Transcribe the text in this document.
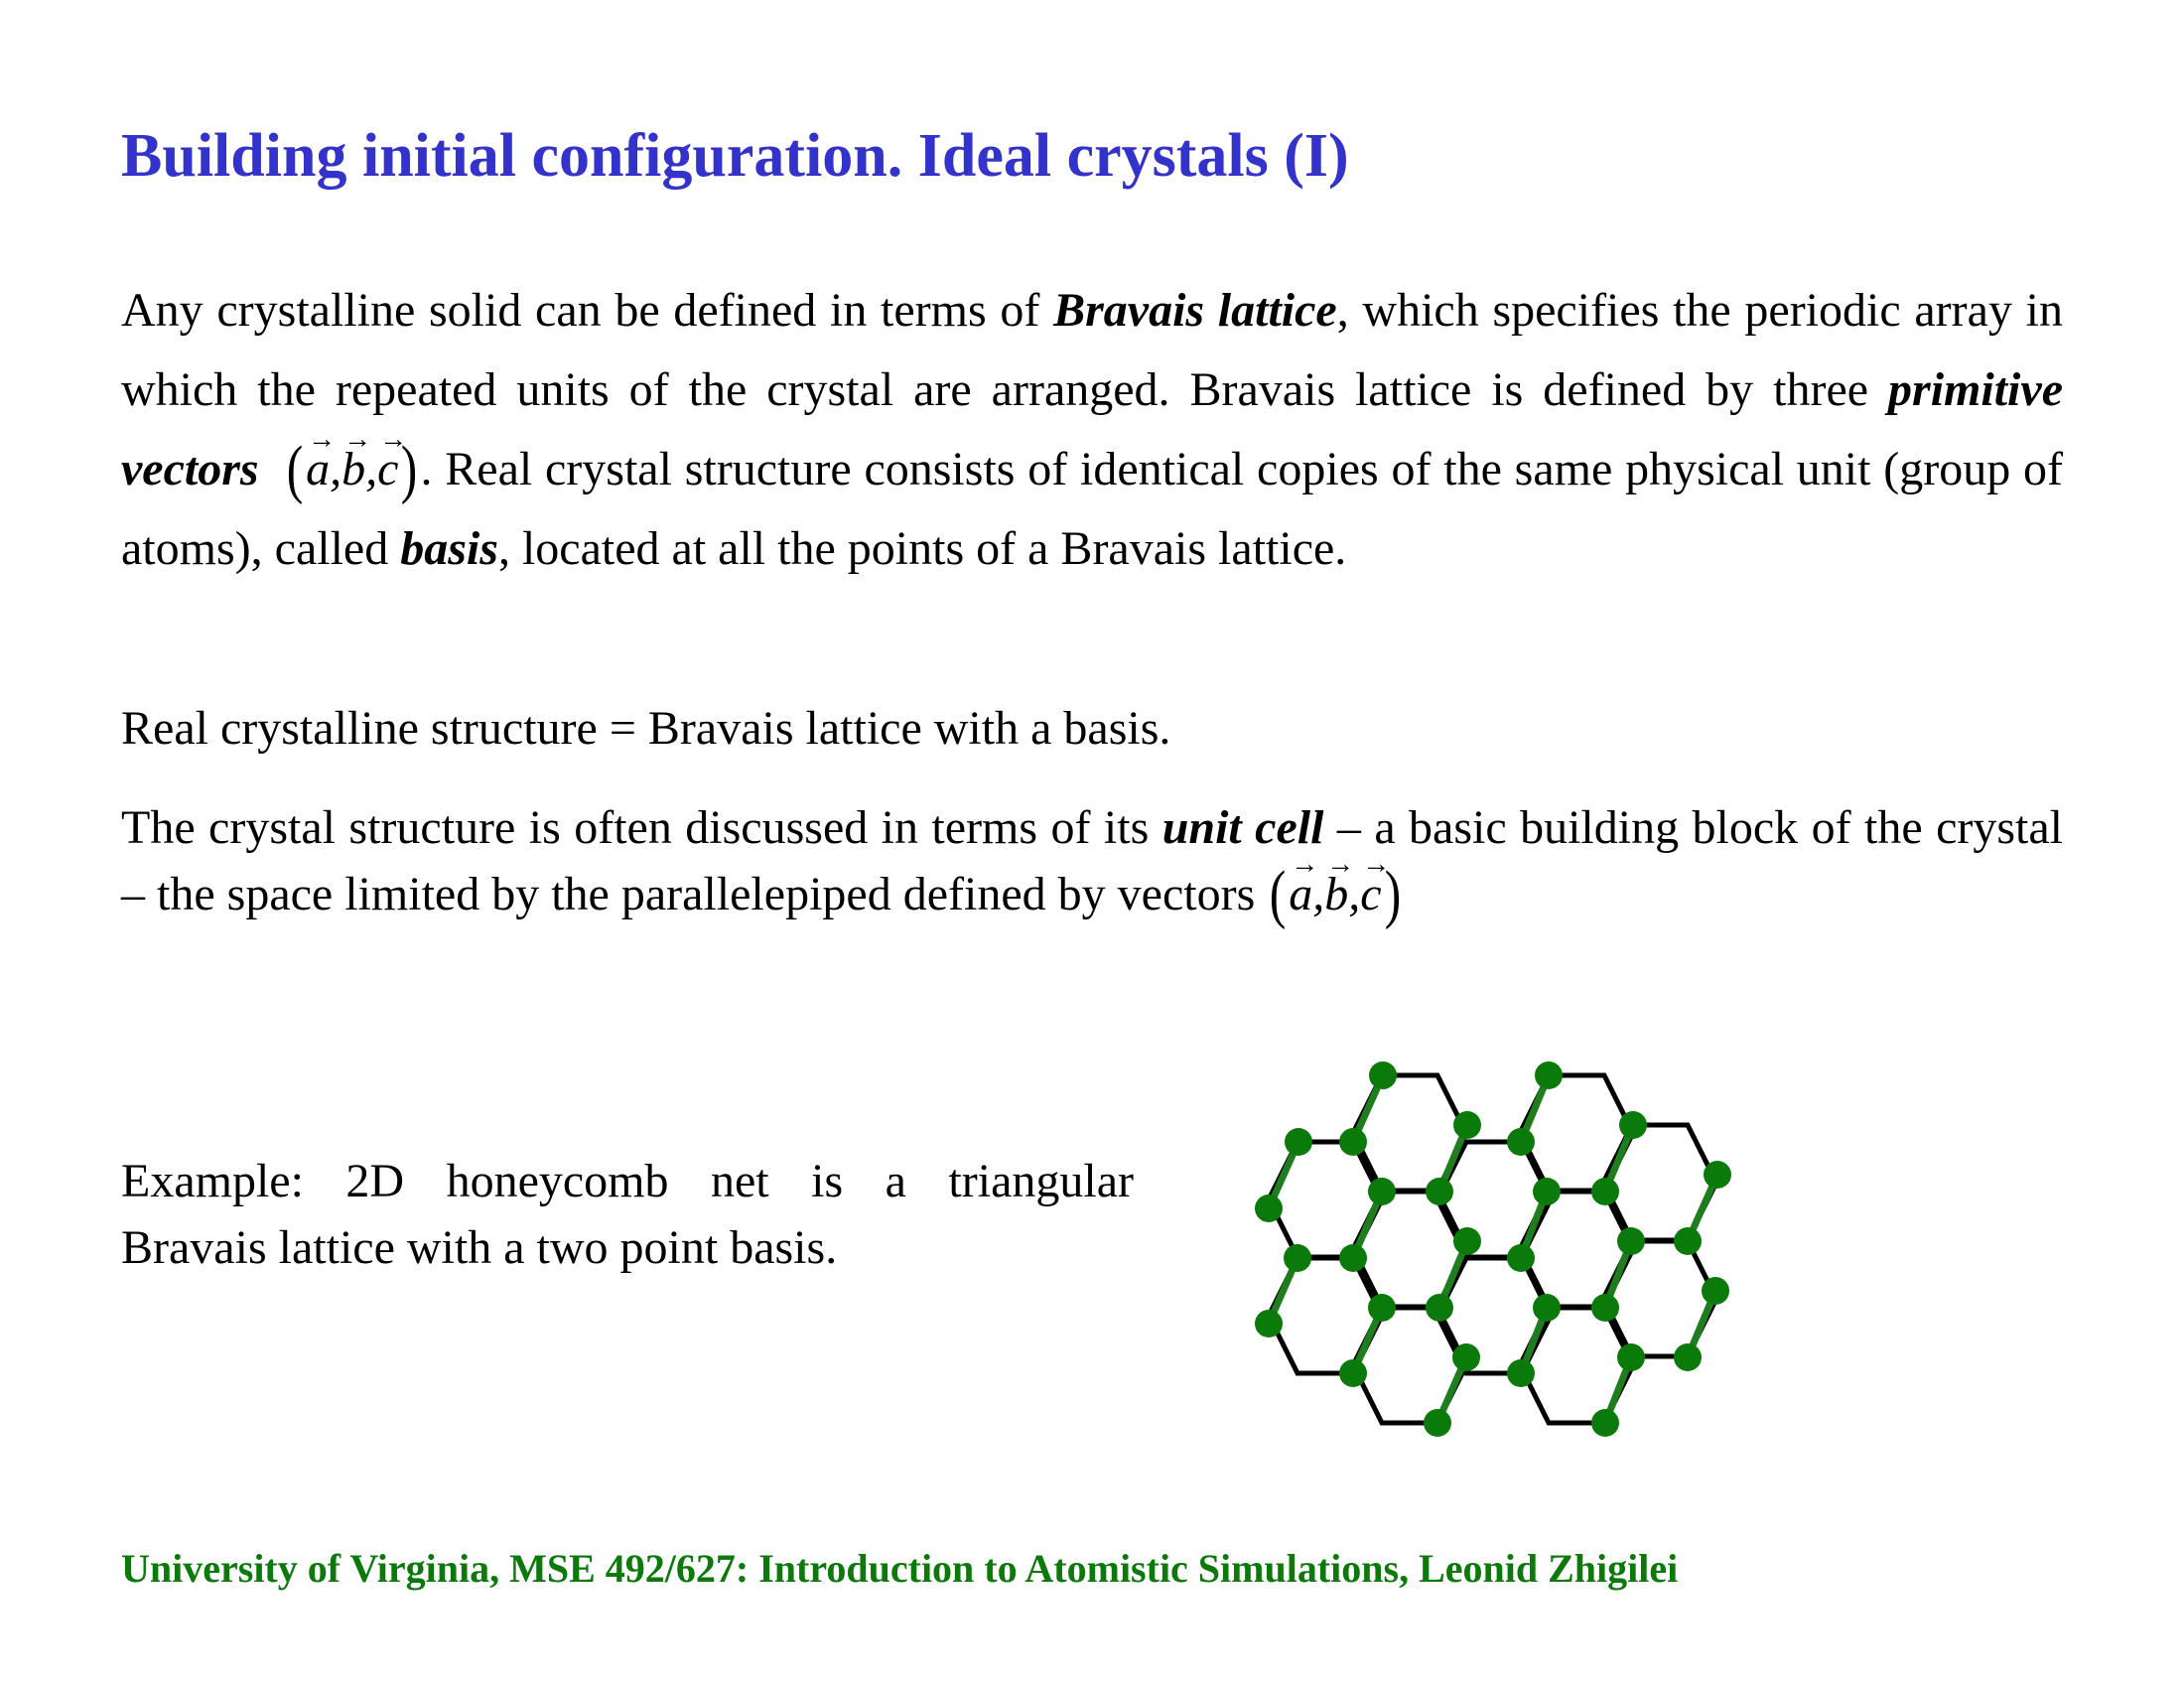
Building initial configuration. Ideal crystals (I)
Any crystalline solid can be defined in terms of Bravais lattice, which specifies the periodic array in which the repeated units of the crystal are arranged. Bravais lattice is defined by three primitive vectors (→ a,→ b,→ c). Real crystal structure consists of identical copies of the same physical unit (group of atoms), called basis, located at all the points of a Bravais lattice.
Real crystalline structure = Bravais lattice with a basis.
The crystal structure is often discussed in terms of its unit cell – a basic building block of the crystal – the space limited by the parallelepiped defined by vectors (→ a,→ b,→ c)
Example: 2D honeycomb net is a triangular
Bravais lattice with a two point basis.
University of Virginia, MSE 492/627: Introduction to Atomistic Simulations, Leonid Zhigilei
